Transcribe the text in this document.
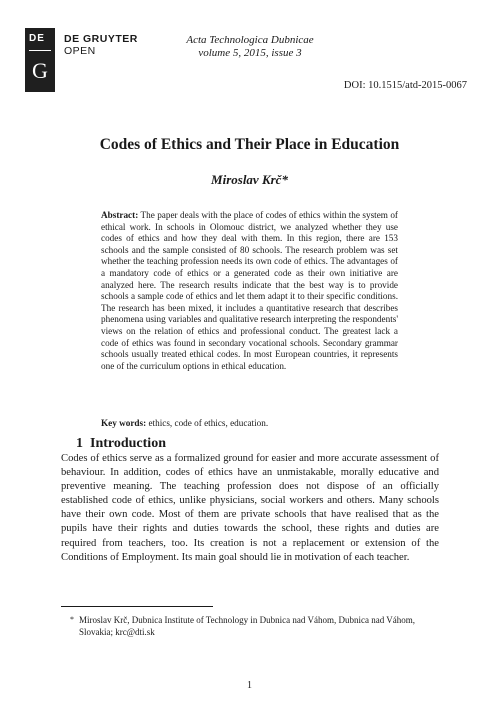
DE
G
DE GRUYTER
OPEN
Acta Technologica Dubnicae
volume 5, 2015, issue 3
DOI: 10.1515/atd-2015-0067
Codes of Ethics and Their Place in Education
Miroslav Krč*
Abstract: The paper deals with the place of codes of ethics within the system of ethical work. In schools in Olomouc district, we analyzed whether they use codes of ethics and how they deal with them. In this region, there are 153 schools and the sample consisted of 80 schools. The research problem was set whether the teaching profession needs its own code of ethics. The advantages of a mandatory code of ethics or a generated code as their own initiative are analyzed here. The research results indicate that the best way is to provide schools a sample code of ethics and let them adapt it to their specific conditions. The research has been mixed, it includes a quantitative research that describes phenomena using variables and qualitative research interpreting the respondents' views on the relation of ethics and professional conduct. The greatest lack a code of ethics was found in secondary vocational schools. Secondary grammar schools usually treated ethical codes. In most European countries, it represents one of the curriculum options in ethical education.
Key words: ethics, code of ethics, education.
1 Introduction
Codes of ethics serve as a formalized ground for easier and more accurate assessment of behaviour. In addition, codes of ethics have an unmistakable, morally educative and preventive meaning. The teaching profession does not dispose of an officially established code of ethics, unlike physicians, social workers and others. Many schools have their own code. Most of them are private schools that have realised that as the pupils have their rights and duties towards the school, these rights and duties are required from teachers, too. Its creation is not a replacement or extension of the Conditions of Employment. Its main goal should lie in motivation of each teacher.
* Miroslav Krč, Dubnica Institute of Technology in Dubnica nad Váhom, Dubnica nad Váhom, Slovakia; krc@dti.sk
1
